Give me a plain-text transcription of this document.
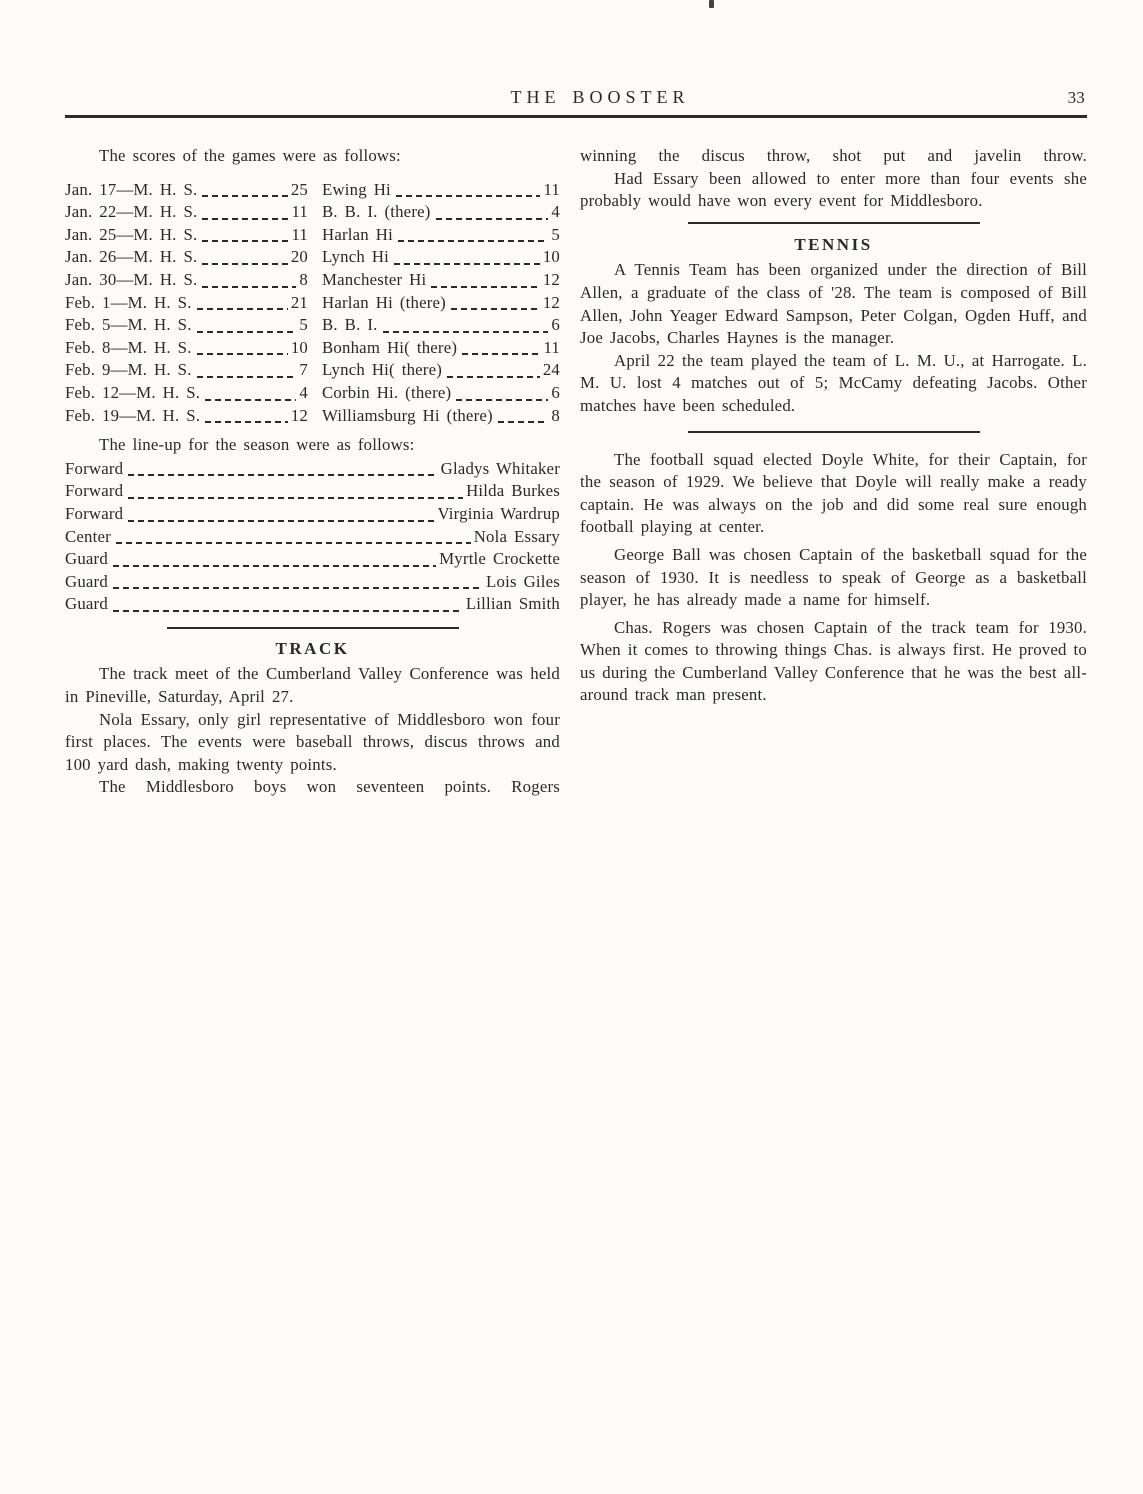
THE BOOSTER	33

The scores of the games were as follows:

Jan. 17—M. H. S.	25 Ewing Hi	11
Jan. 22—M. H. S.	11 B. B. I. (there)	4
Jan. 25—M. H. S.	11 Harlan Hi	5
Jan. 26—M. H. S.	20 Lynch Hi	10
Jan. 30—M. H. S.	8 Manchester Hi	12
Feb. 1—M. H. S.	21 Harlan Hi (there)	12
Feb. 5—M. H. S.	5 B. B. I.	6
Feb. 8—M. H. S.	10 Bonham Hi( there)	11
Feb. 9—M. H. S.	7 Lynch Hi( there)	24
Feb. 12—M. H. S.	4 Corbin Hi. (there)	6
Feb. 19—M. H. S.	12 Williamsburg Hi (there)	8

The line-up for the season were as follows:

Forward	Gladys Whitaker
Forward	Hilda Burkes
Forward	Virginia Wardrup
Center	Nola Essary
Guard	Myrtle Crockette
Guard	Lois Giles
Guard	Lillian Smith
TRACK

The track meet of the Cumberland Valley Conference was held in Pineville, Saturday, April 27.

Nola Essary, only girl representative of Middlesboro won four first places. The events were baseball throws, discus throws and 100 yard dash, making twenty points.

The Middlesboro boys won seventeen points. Rogers

winning the discus throw, shot put and javelin throw.

Had Essary been allowed to enter more than four events she probably would have won every event for Middlesboro.

TENNIS

A Tennis Team has been organized under the direction of Bill Allen, a graduate of the class of '28. The team is composed of Bill Allen, John Yeager Edward Sampson, Peter Colgan, Ogden Huff, and Joe Jacobs, Charles Haynes is the manager.

April 22 the team played the team of L. M. U., at Harrogate. L. M. U. lost 4 matches out of 5; McCamy defeating Jacobs. Other matches have been scheduled.

The football squad elected Doyle White, for their Captain, for the season of 1929. We believe that Doyle will really make a ready captain. He was always on the job and did some real sure enough football playing at center.

George Ball was chosen Captain of the basketball squad for the season of 1930. It is needless to speak of George as a basketball player, he has already made a name for himself.

Chas. Rogers was chosen Captain of the track team for 1930. When it comes to throwing things Chas. is always first. He proved to us during the Cumberland Valley Conference that he was the best all-around track man present.
